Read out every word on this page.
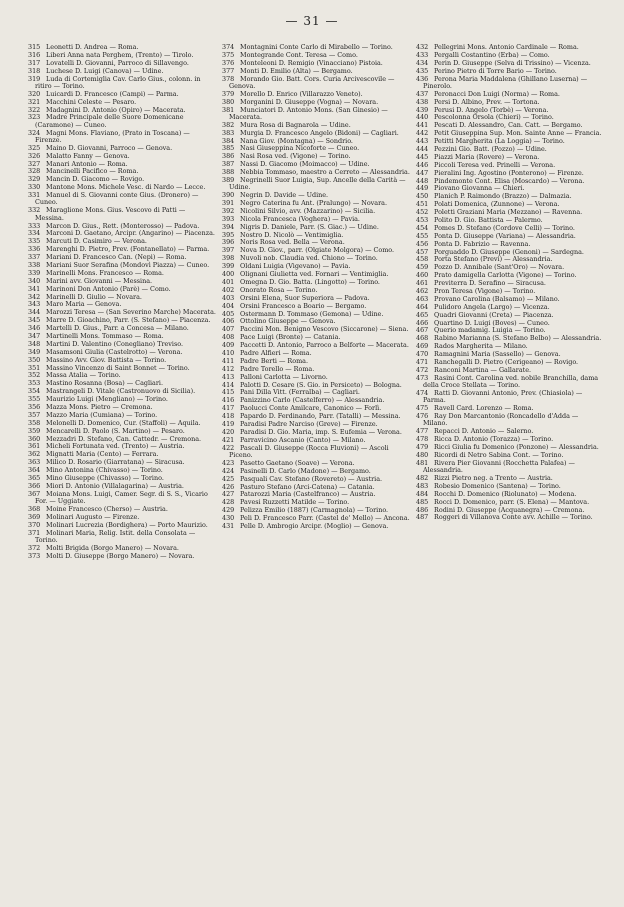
— 31 —
315 Leonetti D. Andrea — Roma.
316 Liberi Anna nata Perghem, (Trento) — Tirolo.
317 Lovatelli D. Giovanni, Parroco di Sillavengo.
318 Luchese D. Luigi (Canova) — Udine.
319 Luda di Cortemiglia Cav. Carlo Gius., colonn. in ritiro — Torino.
320 Luicardi D. Francesco (Campi) — Parma.
321 Macchini Celeste — Pesaro.
322 Madagnini D. Antonio (Opiro) — Macerata.
323 Madre Principale delle Suore Domenicane (Caramone) — Cuneo.
324 Magni Mons. Flaviano, (Prato in Toscana) — Firenze.
325 Maino D. Giovanni, Parroco — Genova.
326 Malatto Fanny — Genova.
327 Manari Antonio — Roma.
328 Mancinelli Pacifico — Roma.
329 Mancin D. Giacomo — Rovigo.
330 Mantone Mons. Michele Vesc. di Nardo — Lecce.
331 Manuel di S. Giovanni conte Gius. (Dronero) — Cuneo.
332 Maraglione Mons. Gius. Vescovo di Patti — Messina.
333 Marcon D. Gius., Rett. (Monterosso) — Padova.
334 Marconi D. Gaetano, Arcipr. (Angarino) — Piacenza.
335 Marcuti D. Casimiro — Verona.
336 Marenghi D. Pietro, Prev. (Fontanellato) — Parma.
337 Mariani D. Francesco Can. (Nepi) — Roma.
338 Mariani Suor Serafina (Mondovì Piazza) — Cuneo.
339 Marinelli Mons. Francesco — Roma.
340 Marini avv. Giovanni — Messina.
341 Marinoni Don Antonio (Parè) — Como.
342 Marinelli D. Giulio — Novara.
343 Maro Maria — Genova.
344 Marozzi Teresa — (San Severino Marche) Macerata.
345 Marre D. Gioachino, Parr. (S. Stefano) — Piacenza.
346 Martelli D. Gius., Parr. a Concesa — Milano.
347 Martinelli Mons. Tommaso — Roma.
348 Martini D. Valentino (Conegliano) Treviso.
349 Masamsoni Giulia (Castelrotto) — Verona.
350 Massino Avv. Giov. Battista — Torino.
351 Massino Vincenzo di Saint Bonnet — Torino.
352 Massa Atalia — Torino.
353 Mastino Rosanna (Bosa) — Cagliari.
354 Mastrangeli D. Vitale (Castronuovo di Sicilia).
355 Maurizio Luigi (Mengliano) — Torino.
356 Mazza Mons. Pietro — Cremona.
357 Mazzo Maria (Cumiana) — Torino.
358 Melonelli D. Domenico, Cur. (Staffoli) — Aquila.
359 Mencarelli D. Paolo (S. Martino) — Pesaro.
360 Mezzadri D. Stefano, Can. Cattedr. — Cremona.
361 Micheli Fortunata ved. (Trento) — Austria.
362 Mignatti Maria (Cento) — Ferrara.
363 Milico D. Rosario (Giarratana) — Siracusa.
364 Mino Antonina (Chivasso) — Torino.
365 Mino Giuseppe (Chivasso) — Torino.
366 Miori D. Antonio (Villalagarina) — Austria.
367 Moiana Mons. Luigi, Camer. Segr. di S. S., Vicario For. — Uggiate.
368 Moine Francesco (Cherso) — Austria.
369 Molinari Augusto — Firenze.
370 Molinari Lucrezia (Bordighera) — Porto Maurizio.
371 Molinari Maria, Relig. Istit. della Consolata — Torino.
372 Molti Brigida (Borgo Manero) — Novara.
373 Molti D. Giuseppe (Borgo Manero) — Novara.
374 Montagnini Conte Carlo di Mirabello — Torino.
375 Montegrande Cont. Teresa — Como.
376 Monteleoni D. Remigio (Vinacciano) Pistoia.
377 Monti D. Emilio (Alta) — Bergamo.
378 Morando Gio. Batt. Cors. Curia Arcivescovile — Genova.
379 Morello D. Enrico (Villarazzo Veneto).
380 Morganini D. Giuseppe (Vogna) — Novara.
381 Munciatori D. Antonio Mons. (San Ginesio) — Macerata.
382 Mura Rosa di Bagnarola — Udine.
383 Murgia D. Francesco Angelo (Bidoni) — Cagliari.
384 Nana Giov. (Montagna) — Sondrio.
385 Nasi Giuseppina Nicoforte — Cuneo.
386 Nasi Rosa ved. (Vigone) — Torino.
387 Nassi D. Giacomo (Moimacco) — Udine.
388 Nebbia Tommaso, maestro a Cerreto — Alessandria.
389 Negrinelli Suor Luigia, Sup. Ancelle della Carità — Udine.
390 Negrin D. Davide — Udine.
391 Negro Caterina fu Ant. (Pralungo) — Novara.
392 Nicolini Silvio, avv. (Mazzarino) — Sicilia.
393 Nicola Francesca (Voghera) — Pavia.
394 Nigris D. Daniele, Parr. (S. Giac.) — Udine.
395 Nostro D. Nicolò — Ventimiglia.
396 Noris Rosa ved. Bella — Verona.
397 Nova D. Giov., parr. (Olgiate Molgora) — Como.
398 Nuvoli nob. Claudia ved. Chiono — Torino.
399 Oldani Luigia (Vigevano) — Pavia.
400 Olignani Giulietta ved. Fornari — Ventimiglia.
401 Omegna D. Gio. Batta. (Lingotto) — Torino.
402 Onorato Rosa — Torino.
403 Orsini Elena, Suor Superiora — Padova.
404 Orsini Francesco a Boario — Bergamo.
405 Ostermann D. Tommaso (Gemona) — Udine.
406 Ottolino Giuseppe — Genova.
407 Paccini Mon. Benigno Vescovo (Siccarone) — Siena.
408 Pace Luigi (Bronte) — Catania.
409 Paccetti D. Antonio, Parroco a Belforte — Macerata.
410 Padre Alfieri — Roma.
411 Padre Berti — Roma.
412 Padre Torello — Roma.
413 Palloni Carlotta — Livorno.
414 Palotti D. Cesare (S. Gio. in Persiceto) — Bologna.
415 Pani Dilla Vitt. (Ferralba) — Cagliari.
416 Panizzino Carlo (Castelferro) — Alessandria.
417 Paolucci Conte Amilcare, Canonico — Forlì.
418 Papardo D. Ferdinando, Parr. (Tatalli) — Messina.
419 Paradisi Padre Narciso (Greve) — Firenze.
420 Paradisi D. Gio. Maria, imp. S. Eufemia — Verona.
421 Parravicino Ascanio (Canto) — Milano.
422 Pascali D. Giuseppe (Rocca Fluvioni) — Ascoli Piceno.
423 Pasetto Gaetano (Soave) — Verona.
424 Pasinelli D. Carlo (Madone) — Bergamo.
425 Pasquali Cav. Stefano (Rovereto) — Austria.
426 Pasturo Stefano (Arci-Catena) — Catania.
427 Patarozzi Maria (Castelfranco) — Austria.
428 Pavesi Ruzzetti Matilde — Torino.
429 Pelizza Emilio (1887) (Carmagnola) — Torino.
430 Peli D. Francesco Parr. (Castel de' Mello) — Ancona.
431 Pelle D. Ambrogio Arcipr. (Moglio) — Genova.
432 Pellegrini Mons. Antonio Cardinale — Roma.
433 Pergalli Costantino (Erba) — Como.
434 Perin D. Giuseppe (Selva di Trissino) — Vicenza.
435 Perino Pietro di Torre Bario — Torino.
436 Perona Maria Maddalena (Ghillano Luserna) — Pinerolo.
437 Peronacci Don Luigi (Norma) — Roma.
438 Persi D. Albino, Prev. — Tortona.
439 Perusi D. Angelo (Torbè) — Verona.
440 Pescolonna Orsola (Chieri) — Torino.
441 Pescati D. Alessandro, Can. Catt. — Bergamo.
442 Petit Giuseppina Sup. Mon. Sainte Anne — Francia.
443 Petitti Margherita (La Loggia) — Torino.
444 Pezzini Gio. Batt. (Pozzo) — Udine.
445 Piazzi Maria (Rovere) — Verona.
446 Piccoli Teresa ved. Prinelli — Verona.
447 Pieralini Ing. Agostino (Ponterono) — Firenze.
448 Pindemonte Cont. Elisa (Moscardo) — Verona.
449 Piovano Giovanna — Chieri.
450 Planich P. Raimondo (Brazzo) — Dalmazia.
451 Polati Domenica, (Zunnone) — Verona.
452 Poletti Graziani Maria (Mezzano) — Ravenna.
453 Polito D. Gio. Battista — Palermo.
454 Pomes D. Stefano (Cordove Celli) — Torino.
455 Ponta D. Giuseppe (Variana) — Alessandria.
456 Ponta D. Fabrizio — Ravenna.
457 Porguaddo D. Giuseppe (Genoni) — Sardegna.
458 Porta Stefano (Previ) — Alessandria.
459 Pozzo D. Annibale (Sant'Oro) — Novara.
460 Prato damigella Carlotta (Vigone) — Torino.
461 Previterra D. Serafino — Siracusa.
462 Pron Teresa (Vigone) — Torino.
463 Provano Carolina (Balsamo) — Milano.
464 Pulidoro Angela (Largo) — Vicenza.
465 Quadri Giovanni (Creta) — Piacenza.
466 Quartino D. Luigi (Boves) — Cuneo.
467 Querio madamig. Luigia — Torino.
468 Rabino Marianna (S. Stefano Belbo) — Alessandria.
469 Rados Margherita — Milano.
470 Ramagnini Maria (Sassello) — Genova.
471 Ranchegalli D. Pietro (Cerigeano) — Rovigo.
472 Ranconi Martina — Gallarate.
473 Rasini Cont. Carolina ved. nobile Branchilla, dama della Croce Stellata — Torino.
474 Ratti D. Giovanni Antonio, Prev. (Chiasiola) — Parma.
475 Ravell Card. Lorenzo — Roma.
476 Ray Don Marcantonio (Roncadello d'Adda — Milano.
477 Repacci D. Antonio — Salerno.
478 Ricca D. Antonio (Torazza) — Torino.
479 Ricci Giulia fu Domenico (Ponzone) — Alessandria.
480 Ricordi di Netro Sabina Cont. — Torino.
481 Rivera Pier Giovanni (Rocchetta Palafea) — Alessandria.
482 Rizzi Pietro neg. a Trento — Austria.
483 Robesio Domenico (Santena) — Torino.
484 Rocchi D. Domenico (Riolunato) — Modena.
485 Rocci D. Domenico, parr. (S. Elena) — Mantova.
486 Rodini D. Giuseppe (Acquanegra) — Cremona.
487 Roggeri di Villanova Conte avv. Achille — Torino.
